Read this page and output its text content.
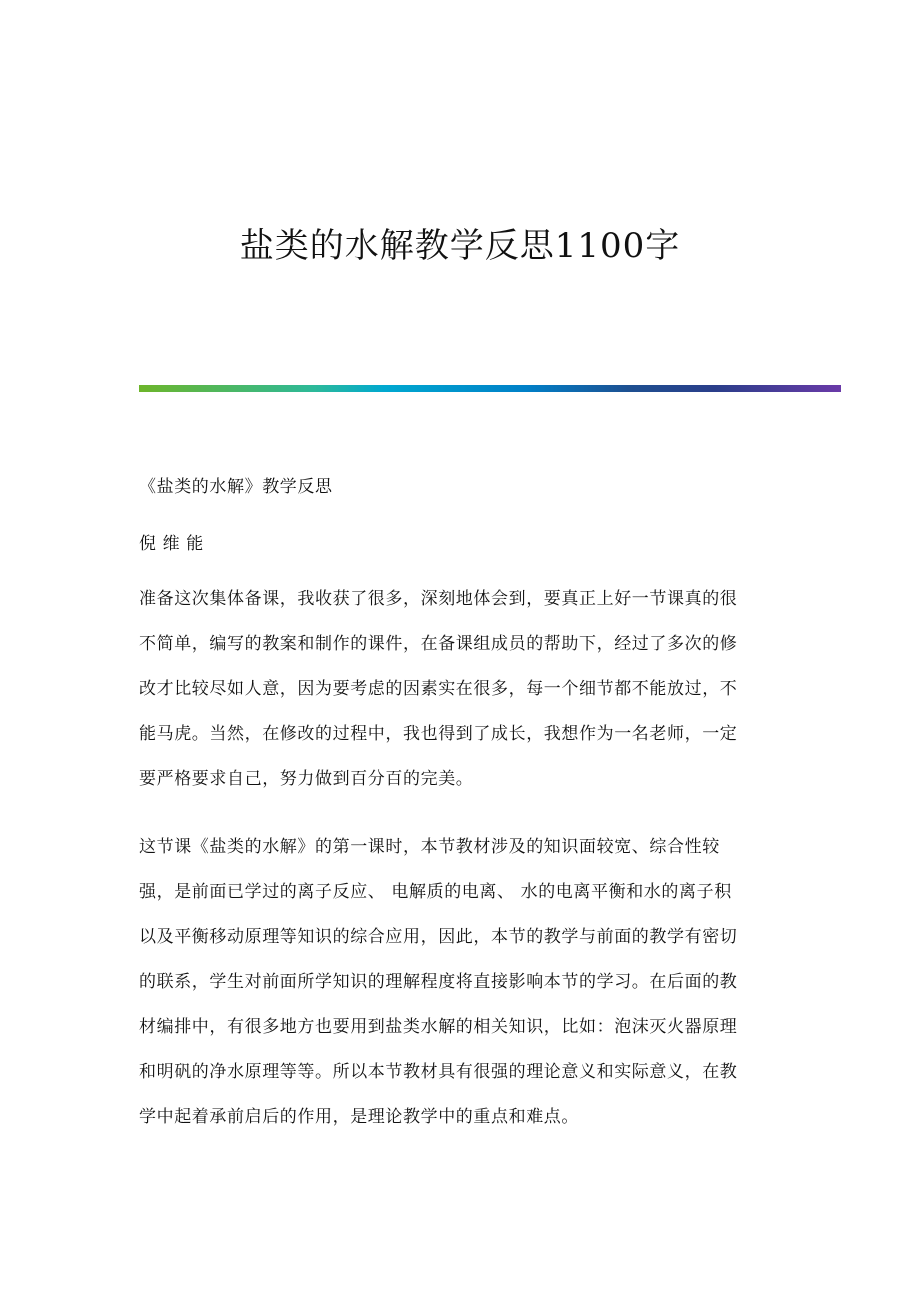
盐类的水解教学反思1100字
《盐类的水解》教学反思
倪 维 能
准备这次集体备课，我收获了很多，深刻地体会到，要真正上好一节课真的很
不简单，编写的教案和制作的课件，在备课组成员的帮助下，经过了多次的修
改才比较尽如人意，因为要考虑的因素实在很多，每一个细节都不能放过，不
能马虎。当然，在修改的过程中，我也得到了成长，我想作为一名老师，一定
要严格要求自己，努力做到百分百的完美。
这节课《盐类的水解》的第一课时，本节教材涉及的知识面较宽、综合性较
强，是前面已学过的离子反应、 电解质的电离、 水的电离平衡和水的离子积
以及平衡移动原理等知识的综合应用，因此，本节的教学与前面的教学有密切
的联系，学生对前面所学知识的理解程度将直接影响本节的学习。在后面的教
材编排中，有很多地方也要用到盐类水解的相关知识，比如：泡沫灭火器原理
和明矾的净水原理等等。所以本节教材具有很强的理论意义和实际意义，在教
学中起着承前启后的作用，是理论教学中的重点和难点。
